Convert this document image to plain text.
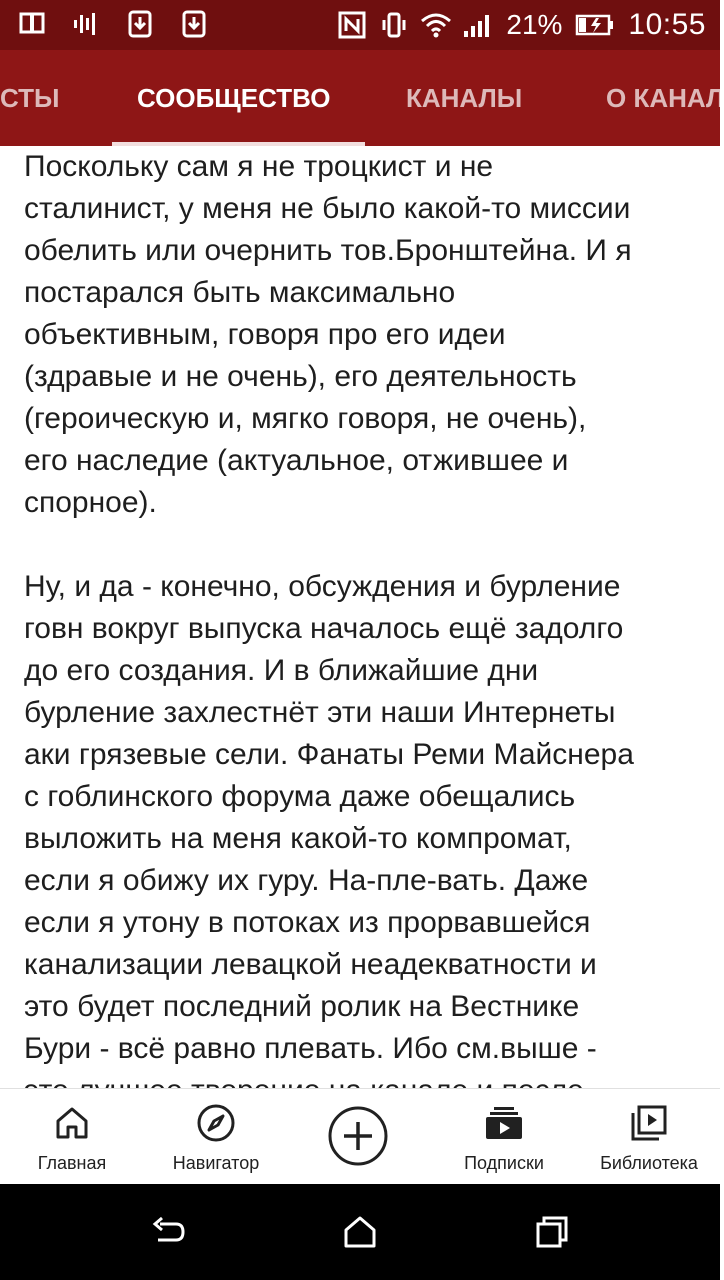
21% 10:55
СТЫ	СООБЩЕСТВО	КАНАЛЫ	О КАНАЛ

Поскольку сам я не троцкист и не
сталинист, у меня не было какой-то миссии
обелить или очернить тов.Бронштейна. И я
постарался быть максимально
объективным, говоря про его идеи
(здравые и не очень), его деятельность
(героическую и, мягко говоря, не очень),
его наследие (актуальное, отжившее и
спорное).

Ну, и да - конечно, обсуждения и бурление
говн вокруг выпуска началось ещё задолго
до его создания. И в ближайшие дни
бурление захлестнёт эти наши Интернеты
аки грязевые сели. Фанаты Реми Майснера
с гоблинского форума даже обещались
выложить на меня какой-то компромат,
если я обижу их гуру. На-пле-вать. Даже
если я утону в потоках из прорвавшейся
канализации левацкой неадекватности и
это будет последний ролик на Вестнике
Бури - всё равно плевать. Ибо см.выше -

Главная	Навигатор	Подписки	Библиотека
